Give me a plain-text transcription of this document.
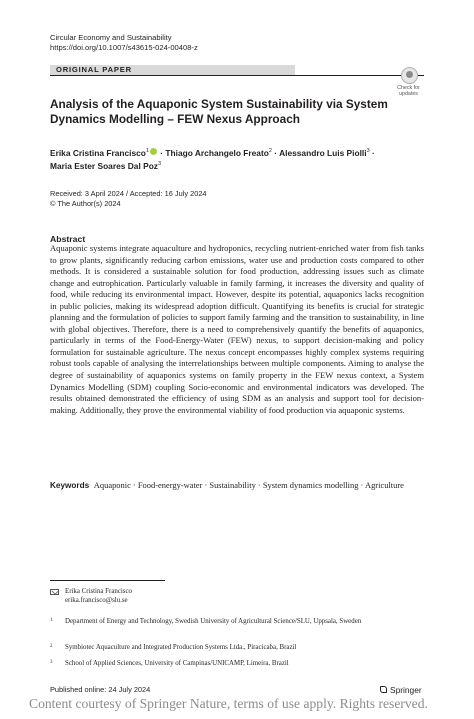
Circular Economy and Sustainability
https://doi.org/10.1007/s43615-024-00408-z
ORIGINAL PAPER
Check for
updates
Analysis of the Aquaponic System Sustainability via System Dynamics Modelling – FEW Nexus Approach
Erika Cristina Francisco$^1$ · Thiago Archangelo Freato$^2$ · Alessandro Luis Piolli$^3$ ·
Maria Ester Soares Dal Poz$^3$
Received: 3 April 2024 / Accepted: 16 July 2024
© The Author(s) 2024
Abstract
Aquaponic systems integrate aquaculture and hydroponics, recycling nutrient-enriched water from fish tanks to grow plants, significantly reducing carbon emissions, water use and production costs compared to other methods. It is considered a sustainable solution for food production, addressing issues such as climate change and eutrophication. Particularly valuable in family farming, it increases the diversity and quality of food, while reducing its environmental impact. However, despite its potential, aquaponics lacks recognition in public policies, making its widespread adoption difficult. Quantifying its benefits is crucial for strategic planning and the formulation of policies to support family farming and the transition to sustainability, in line with global objectives. Therefore, there is a need to comprehensively quantify the benefits of aquaponics, particularly in terms of the Food-Energy-Water (FEW) nexus, to support decision-making and policy formulation for sustainable agriculture. The nexus concept encompasses highly complex systems requiring robust tools capable of analysing the interrelationships between multiple components. Aiming to analyse the degree of sustainability of aquaponics systems on family property in the FEW nexus context, a System Dynamics Modelling (SDM) coupling Socio-economic and environmental indicators was developed. The results obtained demonstrated the efficiency of using SDM as an analysis and support tool for decision-making. Additionally, they prove the environmental viability of food production via aquaponic systems.
Keywords Aquaponic · Food-energy-water · Sustainability · System dynamics modelling · Agriculture
Erika Cristina Francisco
erika.francisco@slu.se
1 Department of Energy and Technology, Swedish University of Agricultural Science/SLU, Uppsala, Sweden
2 Symbiotec Aquaculture and Integrated Production Systems Ltda., Piracicaba, Brazil
3 School of Applied Sciences, University of Campinas/UNICAMP, Limeira, Brazil
Published online: 24 July 2024	Springer
Content courtesy of Springer Nature, terms of use apply. Rights reserved.
